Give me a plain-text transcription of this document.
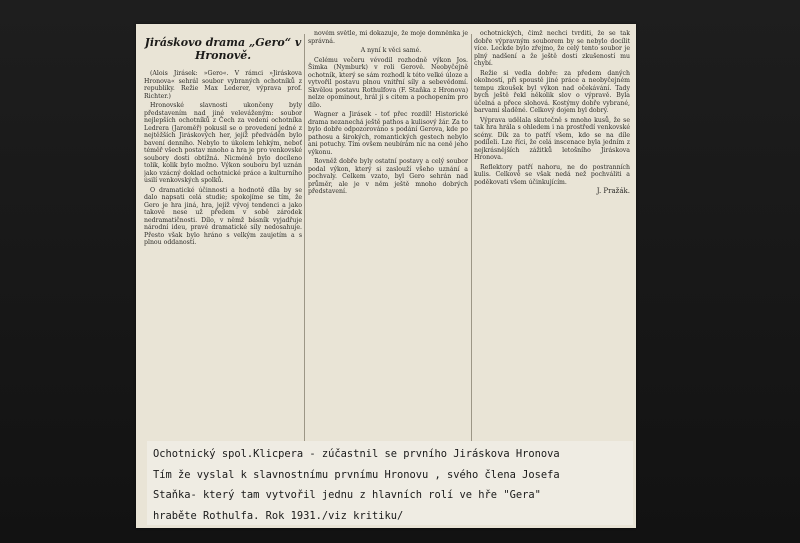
Jiráskovo drama „Gero“ v Hronově.

(Alois Jirásek: »Gero«. V rámci »Jiráskova Hronova« sehrál soubor vybraných ochotníků z republiky. Režie Max Lederer, výprava prof. Richter.)

Hronovské slavnosti ukončeny byly představením nad jiné veleváženým: soubor nejlepších ochotníků z Čech za vedení ochotníka Ledrera (Jaroměř) pokusil se o provedení jedné z nejtěžších Jiráskových her, jejíž předváděn bylo bavení denního. Nebylo to úkolem lehkým, neboť téměř všech postav mnoho a hra je pro venkovské soubory dosti obtížná. Nicméně bylo docíleno tolik, kolik bylo možno. Výkon souboru byl uznán jako vzácný doklad ochotnické práce a kulturního úsilí venkovských spolků.

O dramatické účinnosti a hodnotě díla by se dalo napsati celá studie; spokojíme se tím, že Gero je hra jiná, hra, jejíž vývoj tendenci a jako takové nese už předem v sobě zárodek nedramatičnosti. Dílo, v němž básník vyjadřuje národní ideu, pravé dramatické síly nedosahuje. Přesto však bylo hráno s velkým zaujetím a s plnou oddaností.

novém světle, mi dokazuje, že moje domněnka je správná.

A nyní k věci samé.

Celému večeru vévodil rozhodně výkon Jos. Šimka (Nymburk) v roli Gerově. Neobyčejně ochotník, který se sám rozhodl k této velké úloze a vytvořil postavu plnou vnitřní síly a sebevědomí. Skvělou postavu Rothulfova (F. Staňka z Hronova) nelze opominout, hrál ji s citem a pochopením pro dílo.

Wagner a Jirásek - toť přec rozdíl! Historické drama nezanechá ještě pathos a kulisový žár. Za to bylo dobře odpozorováno s podání Gerova, kde po pathosu a širokých, romantických gestech nebylo ani potuchy. Tím ovšem neubírám nic na ceně jeho výkonu.

Rovněž dobře byly ostatní postavy a celý soubor podal výkon, který si zaslouží všeho uznání a pochvaly. Celkem vzato, byl Gero sehrán nad průměr, ale je v něm ještě mnoho dobrých představení.

ochotnických, čímž nechci tvrditi, že se tak dobře výpravným souborem by se nebylo docílit více. Leckde bylo zřejmo, že celý tento soubor je plný nadšení a že ještě dosti zkušeností mu chybí.

Režie si vedla dobře: za předem daných okolností, při spoustě jiné práce a neobyčejném tempu zkoušek byl výkon nad očekávání. Tady bych ještě řekl několik slov o výpravě. Byla účelná a přece slohová. Kostýmy dobře vybrané, barvami sladěné. Celkový dojem byl dobrý.

Výprava udělala skutečně s mnoho kusů, že se tak hra hrála s ohledem i na prostředí venkovské scény. Dík za to patří všem, kdo se na díle podíleli. Lze říci, že celá inscenace byla jedním z nejkrásnějších zážitků letošního Jiráskova Hronova.

Reflektory patří nahoru, ne do postranních kulis. Celkově se však nedá než pochváliti a poděkovati všem účinkujícím.

J. Pražák.
Ochotnický spol.Klicpera - zúčastnil se prvního Jiráskova Hronova
Tím že vyslal k slavnostnímu prvnímu Hronovu , svého člena Josefa
Staňka- který tam vytvořil jednu z hlavních rolí ve hře "Gera"
hraběte Rothulfa. Rok 1931./viz kritiku/
